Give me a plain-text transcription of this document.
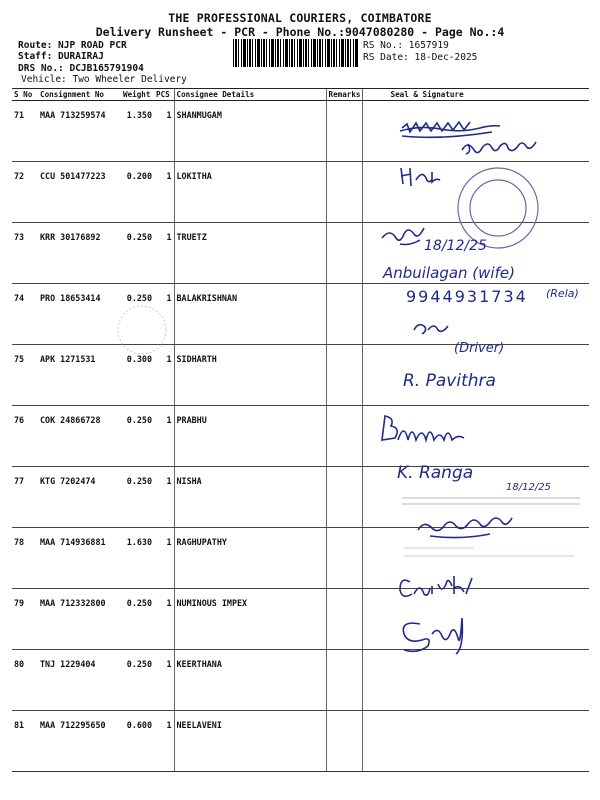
THE PROFESSIONAL COURIERS, COIMBATORE
Delivery Runsheet - PCR - Phone No.:9047080280 - Page No.:4
Route: NJP ROAD PCR
Staff: DURAIRAJ
DRS No.: DCJB165791904
Vehicle: Two Wheeler Delivery
RS No.: 1657919
RS Date: 18-Dec-2025
S No	Consignment No	Weight	PCS	Consignee Details	Remarks	Seal & Signature
71	MAA 713259574	1.350	1	SHANMUGAM		
72	CCU 501477223	0.200	1	LOKITHA		
73	KRR 30176892	0.250	1	TRUETZ		
74	PRO 18653414	0.250	1	BALAKRISHNAN		
75	APK 1271531	0.300	1	SIDHARTH		
76	COK 24866728	0.250	1	PRABHU		
77	KTG 7202474	0.250	1	NISHA		
78	MAA 714936881	1.630	1	RAGHUPATHY		
79	MAA 712332800	0.250	1	NUMINOUS IMPEX		
80	TNJ 1229404	0.250	1	KEERTHANA		
81	MAA 712295650	0.600	1	NEELAVENI		
18/12/25
Anbuilagan (wife)
9944931734 (Rela)
(Driver)
R. Pavithra
K. Ranga
18/12/25
